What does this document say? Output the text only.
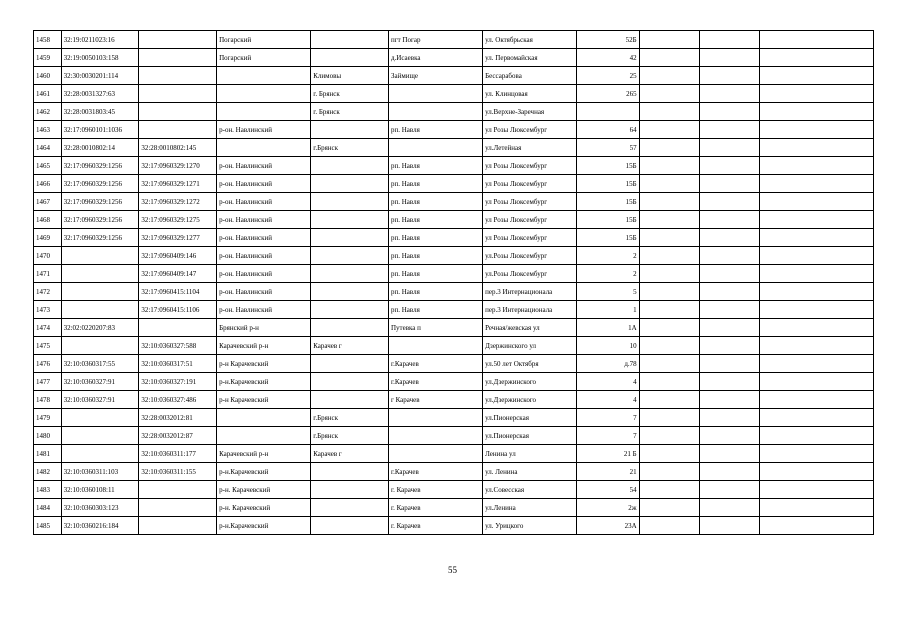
1458	32:19:0211023:16		Погарский		пгт Погар	ул. Октябрьская	52Б			
1459	32:19:0050103:158		Погарский		д.Исаевка	ул. Первомайская	42			
1460	32:30:0030201:114			Климовы	Займище	Бессарабова	25			
1461	32:28:0031327:63			г. Брянск		ул. Клинцовая	265			
1462	32:28:0031803:45			г. Брянск		ул.Верхне-Заречная				
1463	32:17:0960101:1036		р-он. Навлинский		рп. Навля	ул Розы Люксембург	64			
1464	32:28:0010802:14	32:28:0010802:145		г.Брянск		ул.Летейная	57			
1465	32:17:0960329:1256	32:17:0960329:1270	р-он. Навлинский		рп. Навля	ул Розы Люксембург	15Б			
1466	32:17:0960329:1256	32:17:0960329:1271	р-он. Навлинский		рп. Навля	ул Розы Люксембург	15Б			
1467	32:17:0960329:1256	32:17:0960329:1272	р-он. Навлинский		рп. Навля	ул Розы Люксембург	15Б			
1468	32:17:0960329:1256	32:17:0960329:1275	р-он. Навлинский		рп. Навля	ул Розы Люксембург	15Б			
1469	32:17:0960329:1256	32:17:0960329:1277	р-он. Навлинский		рп. Навля	ул Розы Люксембург	15Б			
1470		32:17:0960409:146	р-он. Навлинский		рп. Навля	ул.Розы Люксембург	2			
1471		32:17:0960409:147	р-он. Навлинский		рп. Навля	ул.Розы Люксембург	2			
1472		32:17:0960415:1104	р-он. Навлинский		рп. Навля	пер.3 Интернационала	5			
1473		32:17:0960415:1106	р-он. Навлинский		рп. Навля	пер.3 Интернационала	1			
1474	32:02:0220207:83		Брянский р-н		Путевка п	Речная/жевская ул	1А			
1475		32:10:0360327:588	Карачевский р-н	Карачев г		Дзержинского ул	10			
1476	32:10:0360317:55	32:10:0360317:51	р-н Карачевский		г.Карачев	ул.50 лет Октября	д.78			
1477	32:10:0360327:91	32:10:0360327:191	р-н.Карачевский		г.Карачев	ул.Дзержинского	4			
1478	32:10:0360327:91	32:10:0360327:486	р-н Карачевский		г Карачев	ул.Дзержинского	4			
1479		32:28:0032012:81		г.Брянск		ул.Пионерская	7			
1480		32:28:0032012:87		г.Брянск		ул.Пионерская	7			
1481		32:10:0360311:177	Карачевский р-н	Карачев г		Ленина ул	21 Б			
1482	32:10:0360311:103	32:10:0360311:155	р-н.Карачевский		г.Карачев	ул. Ленина	21			
1483	32:10:0360108:11		р-н. Карачевский		г. Карачев	ул.Совесская	54			
1484	32:10:0360303:123		р-н. Карачевский		г. Карачев	ул.Ленина	2ж			
1485	32:10:0360216:184		р-н.Карачевский		г. Карачев	ул. Урицкого	23А			
55
